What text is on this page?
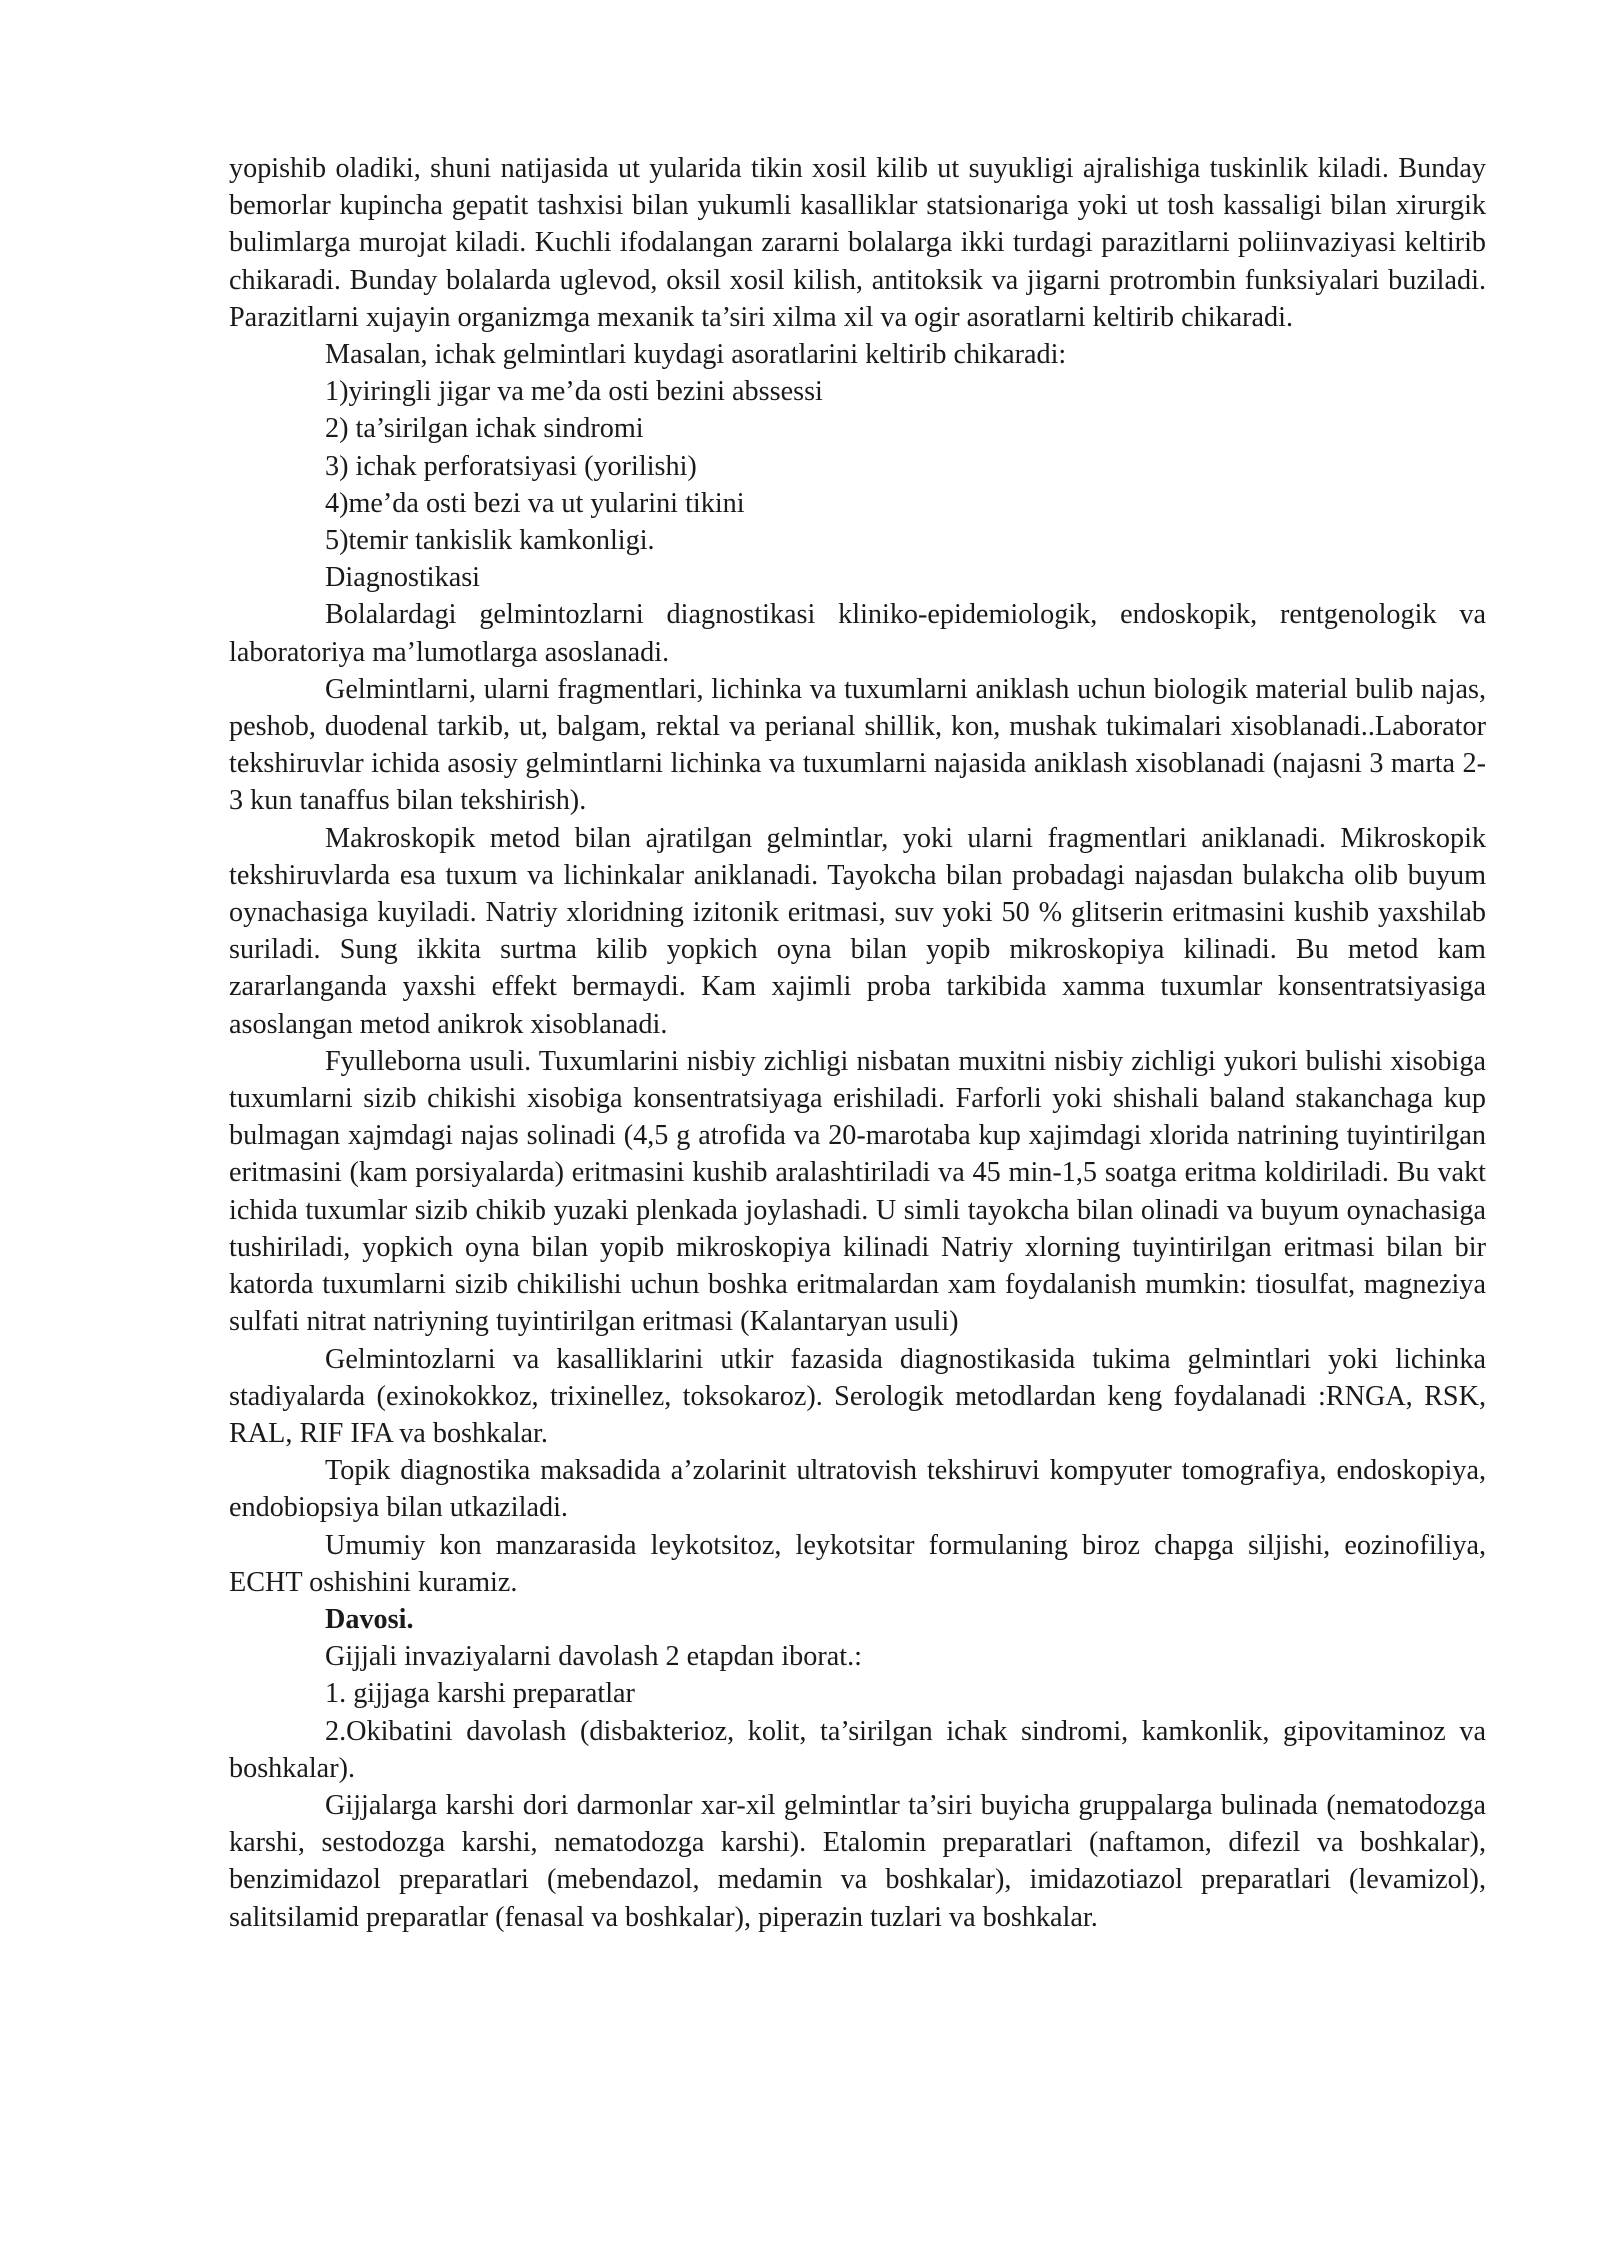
yopishib oladiki, shuni natijasida ut yularida tikin xosil kilib ut suyukligi ajralishiga tuskinlik kiladi. Bunday bemorlar kupincha gepatit tashxisi bilan yukumli kasalliklar statsionariga yoki ut tosh kassaligi bilan xirurgik bulimlarga murojat kiladi. Kuchli ifodalangan zararni bolalarga ikki turdagi parazitlarni poliinvaziyasi keltirib chikaradi. Bunday bolalarda uglevod, oksil xosil kilish, antitoksik va jigarni protrombin funksiyalari buziladi. Parazitlarni xujayin organizmga mexanik ta’siri xilma xil va ogir asoratlarni keltirib chikaradi.

Masalan, ichak gelmintlari kuydagi asoratlarini keltirib chikaradi:

1)yiringli jigar va me’da osti bezini abssessi

2) ta’sirilgan ichak sindromi

3) ichak perforatsiyasi (yorilishi)

4)me’da osti bezi va ut yularini tikini

5)temir tankislik kamkonligi.

Diagnostikasi

Bolalardagi gelmintozlarni diagnostikasi kliniko-epidemiologik, endoskopik, rentgenologik va laboratoriya ma’lumotlarga asoslanadi.

Gelmintlarni, ularni fragmentlari, lichinka va tuxumlarni aniklash uchun biologik material bulib najas, peshob, duodenal tarkib, ut, balgam, rektal va perianal shillik, kon, mushak tukimalari xisoblanadi..Laborator tekshiruvlar ichida asosiy gelmintlarni lichinka va tuxumlarni najasida aniklash xisoblanadi (najasni 3 marta 2-3 kun tanaffus bilan tekshirish).

Makroskopik metod bilan ajratilgan gelmintlar, yoki ularni fragmentlari aniklanadi. Mikroskopik tekshiruvlarda esa tuxum va lichinkalar aniklanadi. Tayokcha bilan probadagi najasdan bulakcha olib buyum oynachasiga kuyiladi. Natriy xloridning izitonik eritmasi, suv yoki 50 % glitserin eritmasini kushib yaxshilab suriladi. Sung ikkita surtma kilib yopkich oyna bilan yopib mikroskopiya kilinadi. Bu metod kam zararlanganda yaxshi effekt bermaydi. Kam xajimli proba tarkibida xamma tuxumlar konsentratsiyasiga asoslangan metod anikrok xisoblanadi.

Fyulleborna usuli. Tuxumlarini nisbiy zichligi nisbatan muxitni nisbiy zichligi yukori bulishi xisobiga tuxumlarni sizib chikishi xisobiga konsentratsiyaga erishiladi. Farforli yoki shishali baland stakanchaga kup bulmagan xajmdagi najas solinadi (4,5 g atrofida va 20-marotaba kup xajimdagi xlorida natrining tuyintirilgan eritmasini (kam porsiyalarda) eritmasini kushib aralashtiriladi va 45 min-1,5 soatga eritma koldiriladi. Bu vakt ichida tuxumlar sizib chikib yuzaki plenkada joylashadi. U simli tayokcha bilan olinadi va buyum oynachasiga tushiriladi, yopkich oyna bilan yopib mikroskopiya kilinadi Natriy xlorning tuyintirilgan eritmasi bilan bir katorda tuxumlarni sizib chikilishi uchun boshka eritmalardan xam foydalanish mumkin: tiosulfat, magneziya sulfati nitrat natriyning tuyintirilgan eritmasi (Kalantaryan usuli)

Gelmintozlarni va kasalliklarini utkir fazasida diagnostikasida tukima gelmintlari yoki lichinka stadiyalarda (exinokokkoz, trixinellez, toksokaroz). Serologik metodlardan keng foydalanadi :RNGA, RSK, RAL, RIF IFA va boshkalar.

Topik diagnostika maksadida a’zolarinit ultratovish tekshiruvi kompyuter tomografiya, endoskopiya, endobiopsiya bilan utkaziladi.

Umumiy kon manzarasida leykotsitoz, leykotsitar formulaning biroz chapga siljishi, eozinofiliya, ECHT oshishini kuramiz.

Davosi.

Gijjali invaziyalarni davolash 2 etapdan iborat.:

1. gijjaga karshi preparatlar

2.Okibatini davolash (disbakterioz, kolit, ta’sirilgan ichak sindromi, kamkonlik, gipovitaminoz va boshkalar).

Gijjalarga karshi dori darmonlar xar-xil gelmintlar ta’siri buyicha gruppalarga bulinada (nematodozga karshi, sestodozga karshi, nematodozga karshi). Etalomin preparatlari (naftamon, difezil va boshkalar), benzimidazol preparatlari (mebendazol, medamin va boshkalar), imidazotiazol preparatlari (levamizol), salitsilamid preparatlar (fenasal va boshkalar), piperazin tuzlari va boshkalar.
